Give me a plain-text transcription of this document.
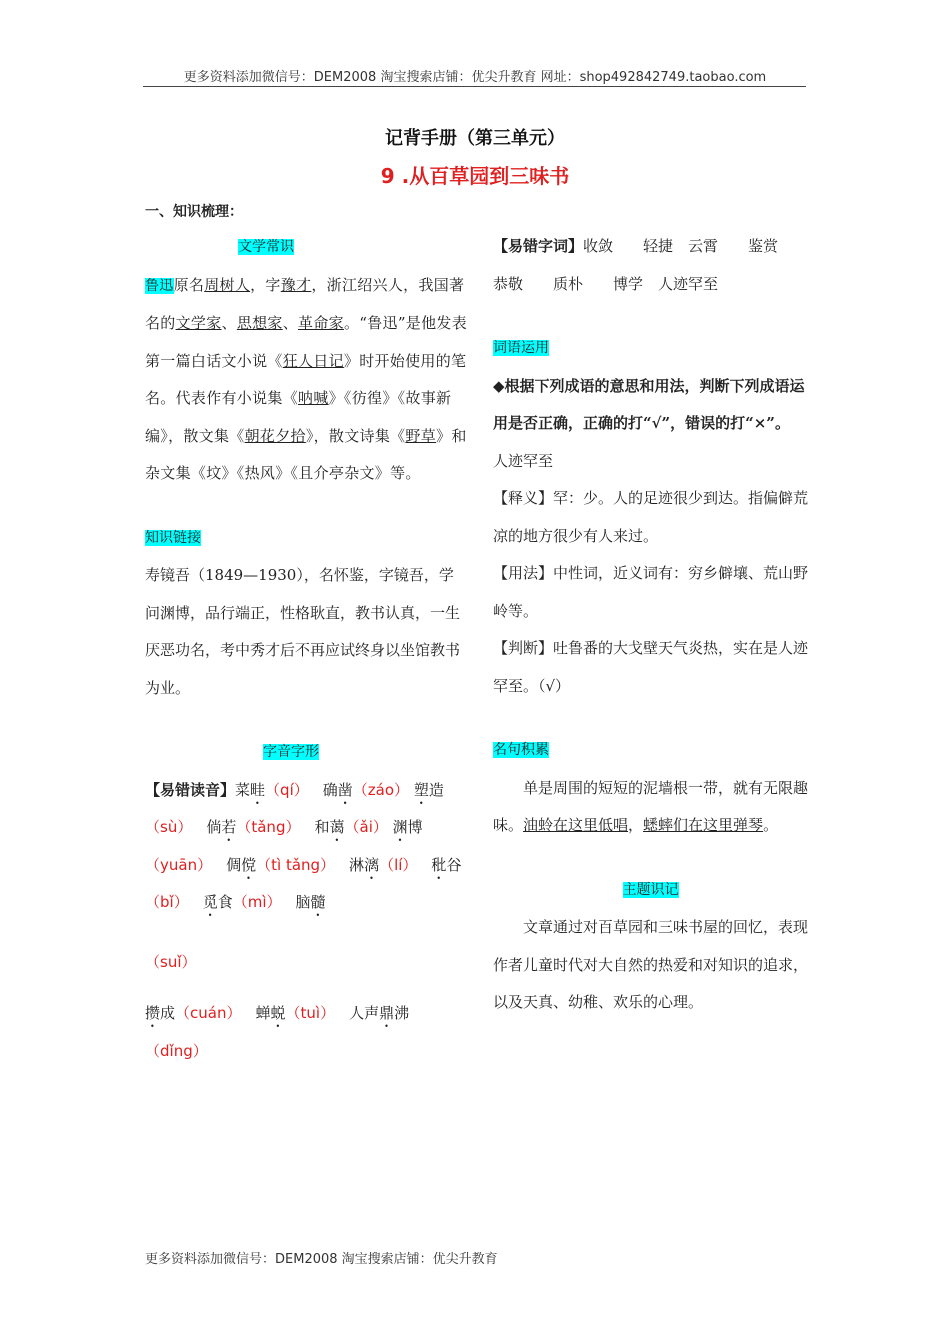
更多资料添加微信号：DEM2008 淘宝搜索店铺：优尖升教育 网址：shop492842749.taobao.com
记背手册（第三单元）
9 .从百草园到三味书
一、知识梳理：

文学常识

鲁迅原名周树人，字豫才，浙江绍兴人，我国著名的文学家、思想家、革命家。“鲁迅”是他发表第一篇白话文小说《狂人日记》时开始使用的笔名。代表作有小说集《呐喊》《彷徨》《故事新编》，散文集《朝花夕拾》，散文诗集《野草》和杂文集《坟》《热风》《且介亭杂文》等。

知识链接

寿镜吾（1849—1930），名怀鉴，字镜吾，学问渊博，品行端正，性格耿直，教书认真，一生厌恶功名，考中秀才后不再应试终身以坐馆教书为业。

字音字形

【易错读音】菜畦（qí） 确凿（záo） 塑造（sù） 倘若（tǎng） 和蔼（ǎi） 渊博（yuān） 倜傥（tì tǎng） 淋漓（lí） 秕谷（bǐ） 觅食（mì） 脑髓

（suǐ）

攒成（cuán） 蝉蜕（tuì） 人声鼎沸（dǐng）

【易错字词】收敛　　轻捷　云霄　　鉴赏　恭敬　　质朴　　博学　人迹罕至

词语运用

◆根据下列成语的意思和用法，判断下列成语运用是否正确，正确的打“√”，错误的打“×”。

人迹罕至

【释义】罕：少。人的足迹很少到达。指偏僻荒凉的地方很少有人来过。

【用法】中性词，近义词有：穷乡僻壤、荒山野岭等。

【判断】吐鲁番的大戈壁天气炎热，实在是人迹罕至。（√）

名句积累

单是周围的短短的泥墙根一带，就有无限趣味。油蛉在这里低唱，蟋蟀们在这里弹琴。

主题识记

文章通过对百草园和三味书屋的回忆，表现作者儿童时代对大自然的热爱和对知识的追求，以及天真、幼稚、欢乐的心理。

更多资料添加微信号：DEM2008 淘宝搜索店铺：优尖升教育
